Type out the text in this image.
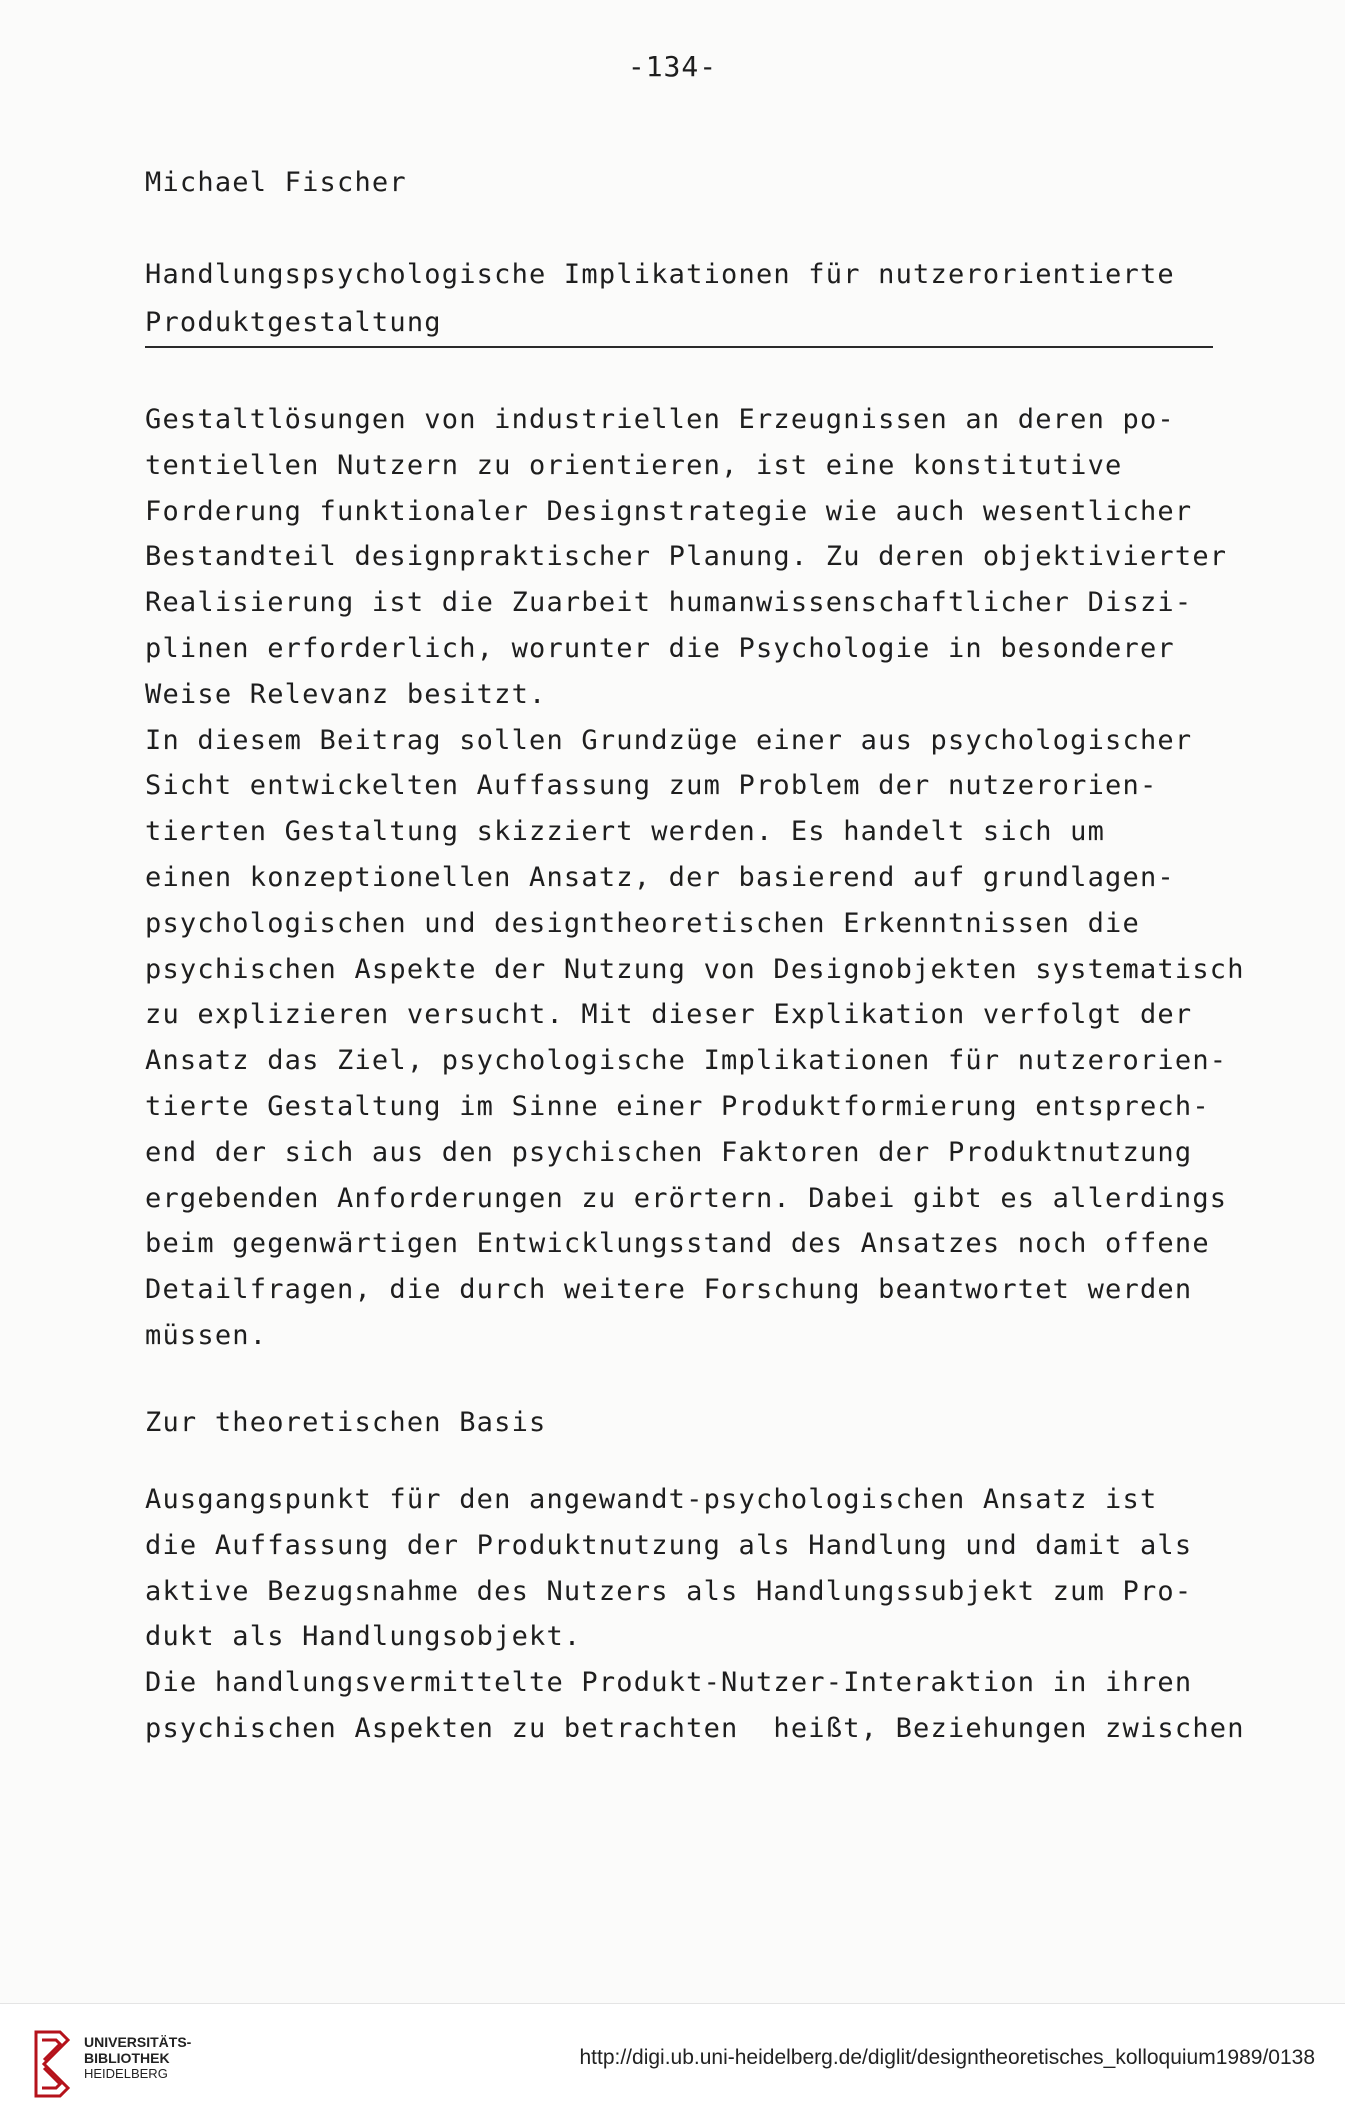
-134-
Michael Fischer
Handlungspsychologische Implikationen für nutzerorientierte
Produktgestaltung
Gestaltlösungen von industriellen Erzeugnissen an deren po-
tentiellen Nutzern zu orientieren, ist eine konstitutive
Forderung funktionaler Designstrategie wie auch wesentlicher
Bestandteil designpraktischer Planung. Zu deren objektivierter
Realisierung ist die Zuarbeit humanwissenschaftlicher Diszi-
plinen erforderlich, worunter die Psychologie in besonderer
Weise Relevanz besitzt.
In diesem Beitrag sollen Grundzüge einer aus psychologischer
Sicht entwickelten Auffassung zum Problem der nutzerorien-
tierten Gestaltung skizziert werden. Es handelt sich um
einen konzeptionellen Ansatz, der basierend auf grundlagen-
psychologischen und designtheoretischen Erkenntnissen die
psychischen Aspekte der Nutzung von Designobjekten systematisch
zu explizieren versucht. Mit dieser Explikation verfolgt der
Ansatz das Ziel, psychologische Implikationen für nutzerorien-
tierte Gestaltung im Sinne einer Produktformierung entsprech-
end der sich aus den psychischen Faktoren der Produktnutzung
ergebenden Anforderungen zu erörtern. Dabei gibt es allerdings
beim gegenwärtigen Entwicklungsstand des Ansatzes noch offene
Detailfragen, die durch weitere Forschung beantwortet werden
müssen.
Zur theoretischen Basis
Ausgangspunkt für den angewandt-psychologischen Ansatz ist
die Auffassung der Produktnutzung als Handlung und damit als
aktive Bezugsnahme des Nutzers als Handlungssubjekt zum Pro-
dukt als Handlungsobjekt.
Die handlungsvermittelte Produkt-Nutzer-Interaktion in ihren
psychischen Aspekten zu betrachten  heißt, Beziehungen zwischen
UNIVERSITÄTS-
BIBLIOTHEK
HEIDELBERG
http://digi.ub.uni-heidelberg.de/diglit/designtheoretisches_kolloquium1989/0138
